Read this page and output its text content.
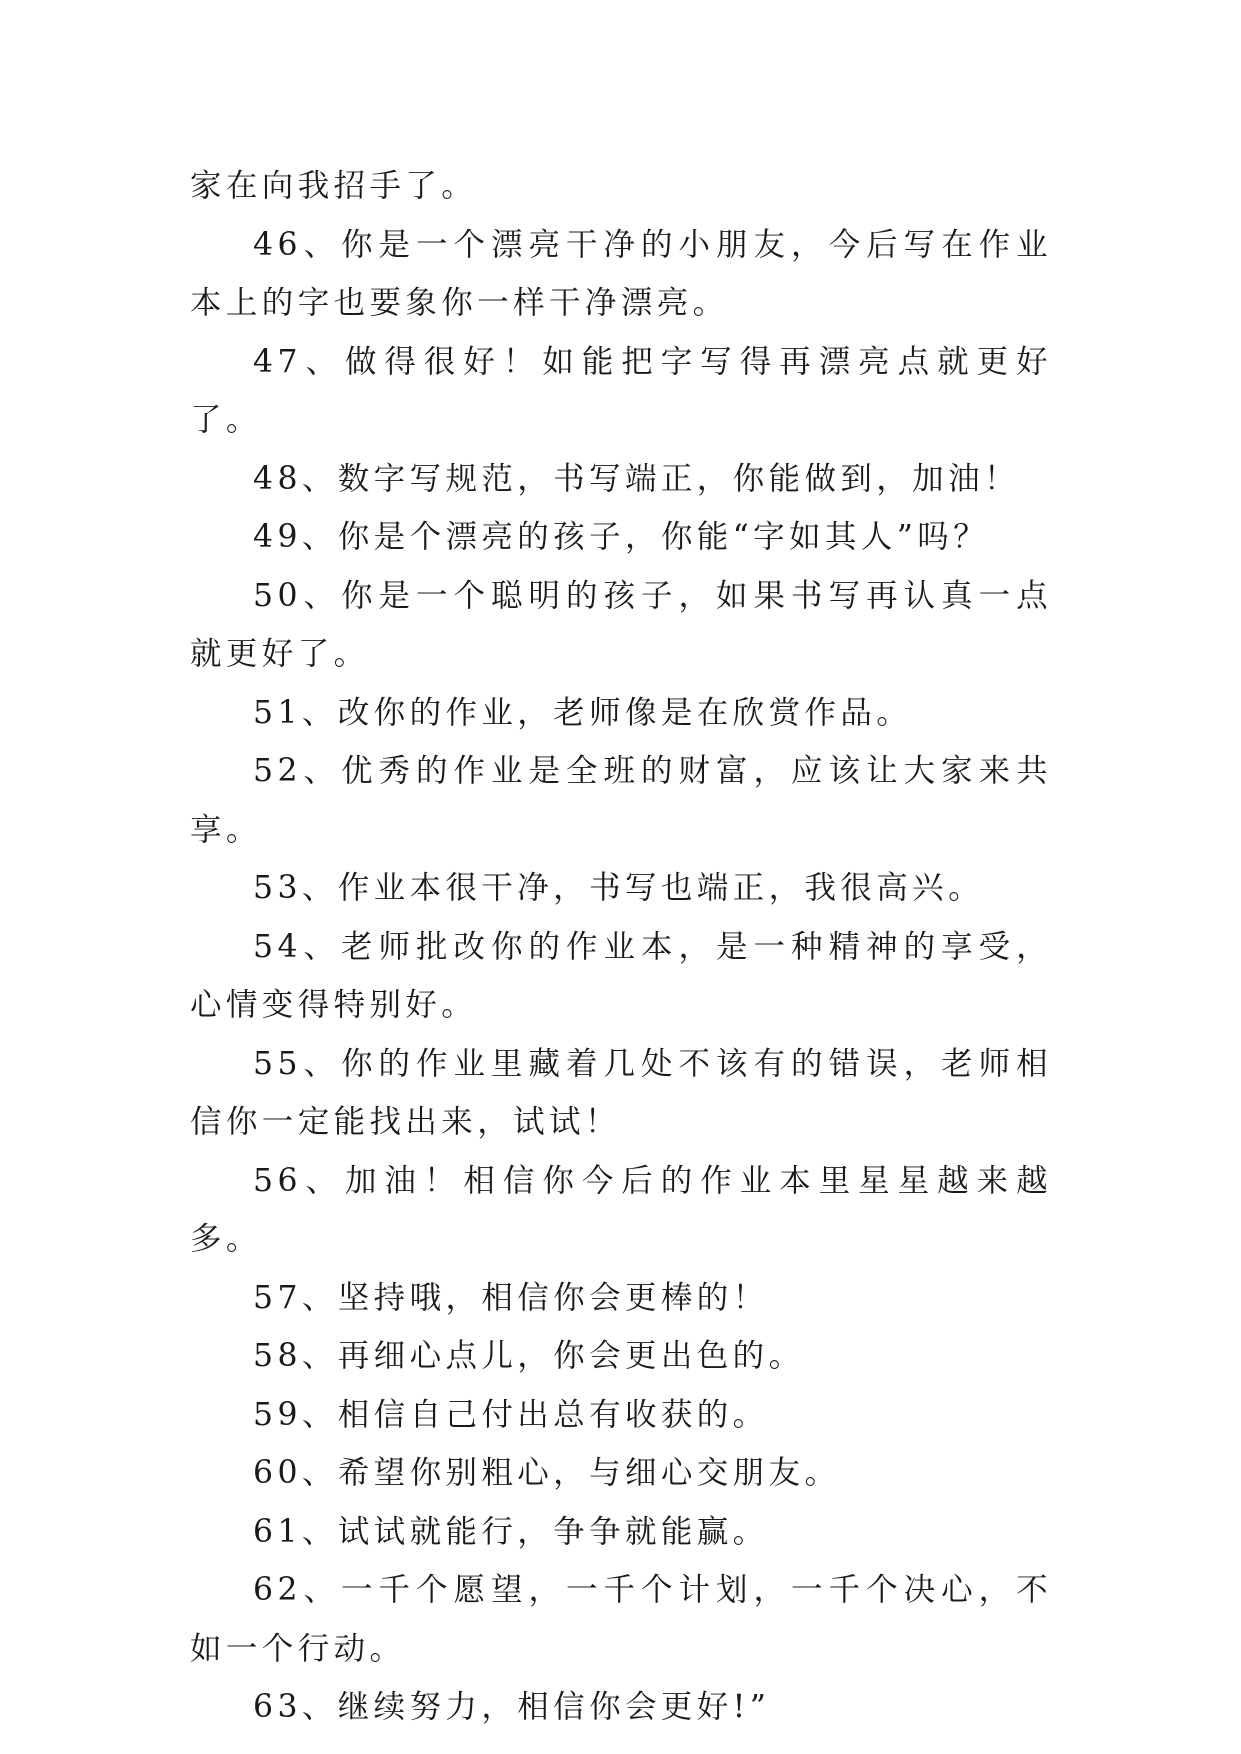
家在向我招手了。

46、你是一个漂亮干净的小朋友，今后写在作业本上的字也要象你一样干净漂亮。

47、做得很好！如能把字写得再漂亮点就更好了。

48、数字写规范，书写端正，你能做到，加油！

49、你是个漂亮的孩子，你能“字如其人”吗？

50、你是一个聪明的孩子，如果书写再认真一点就更好了。

51、改你的作业，老师像是在欣赏作品。

52、优秀的作业是全班的财富，应该让大家来共享。

53、作业本很干净，书写也端正，我很高兴。

54、老师批改你的作业本，是一种精神的享受，心情变得特别好。

55、你的作业里藏着几处不该有的错误，老师相信你一定能找出来，试试！

56、加油！相信你今后的作业本里星星越来越多。

57、坚持哦，相信你会更棒的！

58、再细心点儿，你会更出色的。

59、相信自己付出总有收获的。

60、希望你别粗心，与细心交朋友。

61、试试就能行，争争就能赢。

62、一千个愿望，一千个计划，一千个决心，不如一个行动。

63、继续努力，相信你会更好!”
